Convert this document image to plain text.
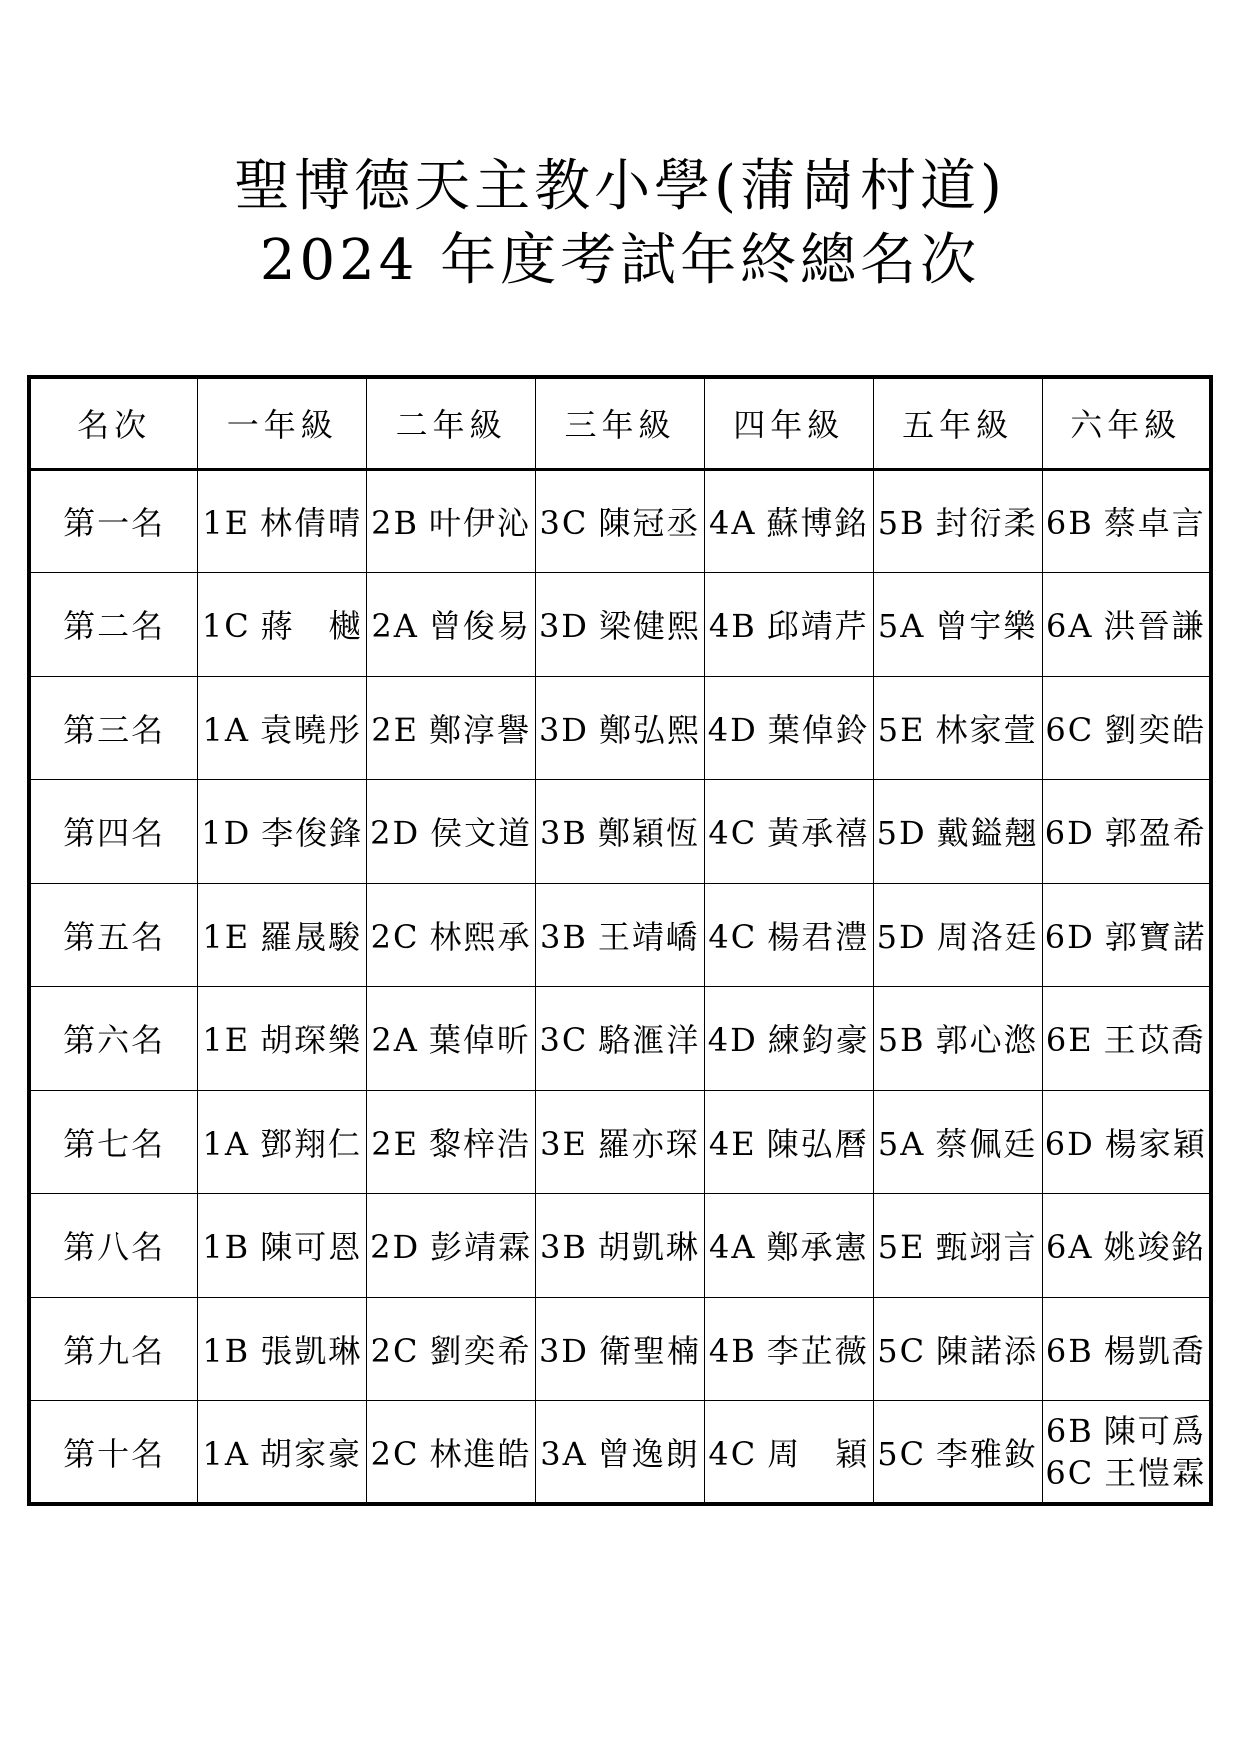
聖博德天主教小學(蒲崗村道)
2024 年度考試年終總名次
名次	一年級	二年級	三年級	四年級	五年級	六年級
第一名	1E 林倩晴	2B 叶伊沁	3C 陳冠丞	4A 蘇博銘	5B 封衍柔	6B 蔡卓言
第二名	1C 蔣　樾	2A 曾俊易	3D 梁健熙	4B 邱靖芹	5A 曾宇樂	6A 洪晉謙
第三名	1A 袁曉彤	2E 鄭淳譽	3D 鄭弘熙	4D 葉倬鈴	5E 林家萱	6C 劉奕皓
第四名	1D 李俊鋒	2D 侯文道	3B 鄭穎恆	4C 黃承禧	5D 戴鎰翹	6D 郭盈希
第五名	1E 羅晟駿	2C 林熙承	3B 王靖嶠	4C 楊君澧	5D 周洛廷	6D 郭寶諾
第六名	1E 胡琛樂	2A 葉倬昕	3C 駱滙洋	4D 練鈞豪	5B 郭心滺	6E 王苡喬
第七名	1A 鄧翔仁	2E 黎梓浩	3E 羅亦琛	4E 陳弘曆	5A 蔡佩廷	6D 楊家穎
第八名	1B 陳可恩	2D 彭靖霖	3B 胡凱琳	4A 鄭承憲	5E 甄翊言	6A 姚竣銘
第九名	1B 張凱琳	2C 劉奕希	3D 衛聖楠	4B 李芷薇	5C 陳諾添	6B 楊凱喬
第十名	1A 胡家豪	2C 林進皓	3A 曾逸朗	4C 周　穎	5C 李雅釹	6B 陳可爲
6C 王愷霖
